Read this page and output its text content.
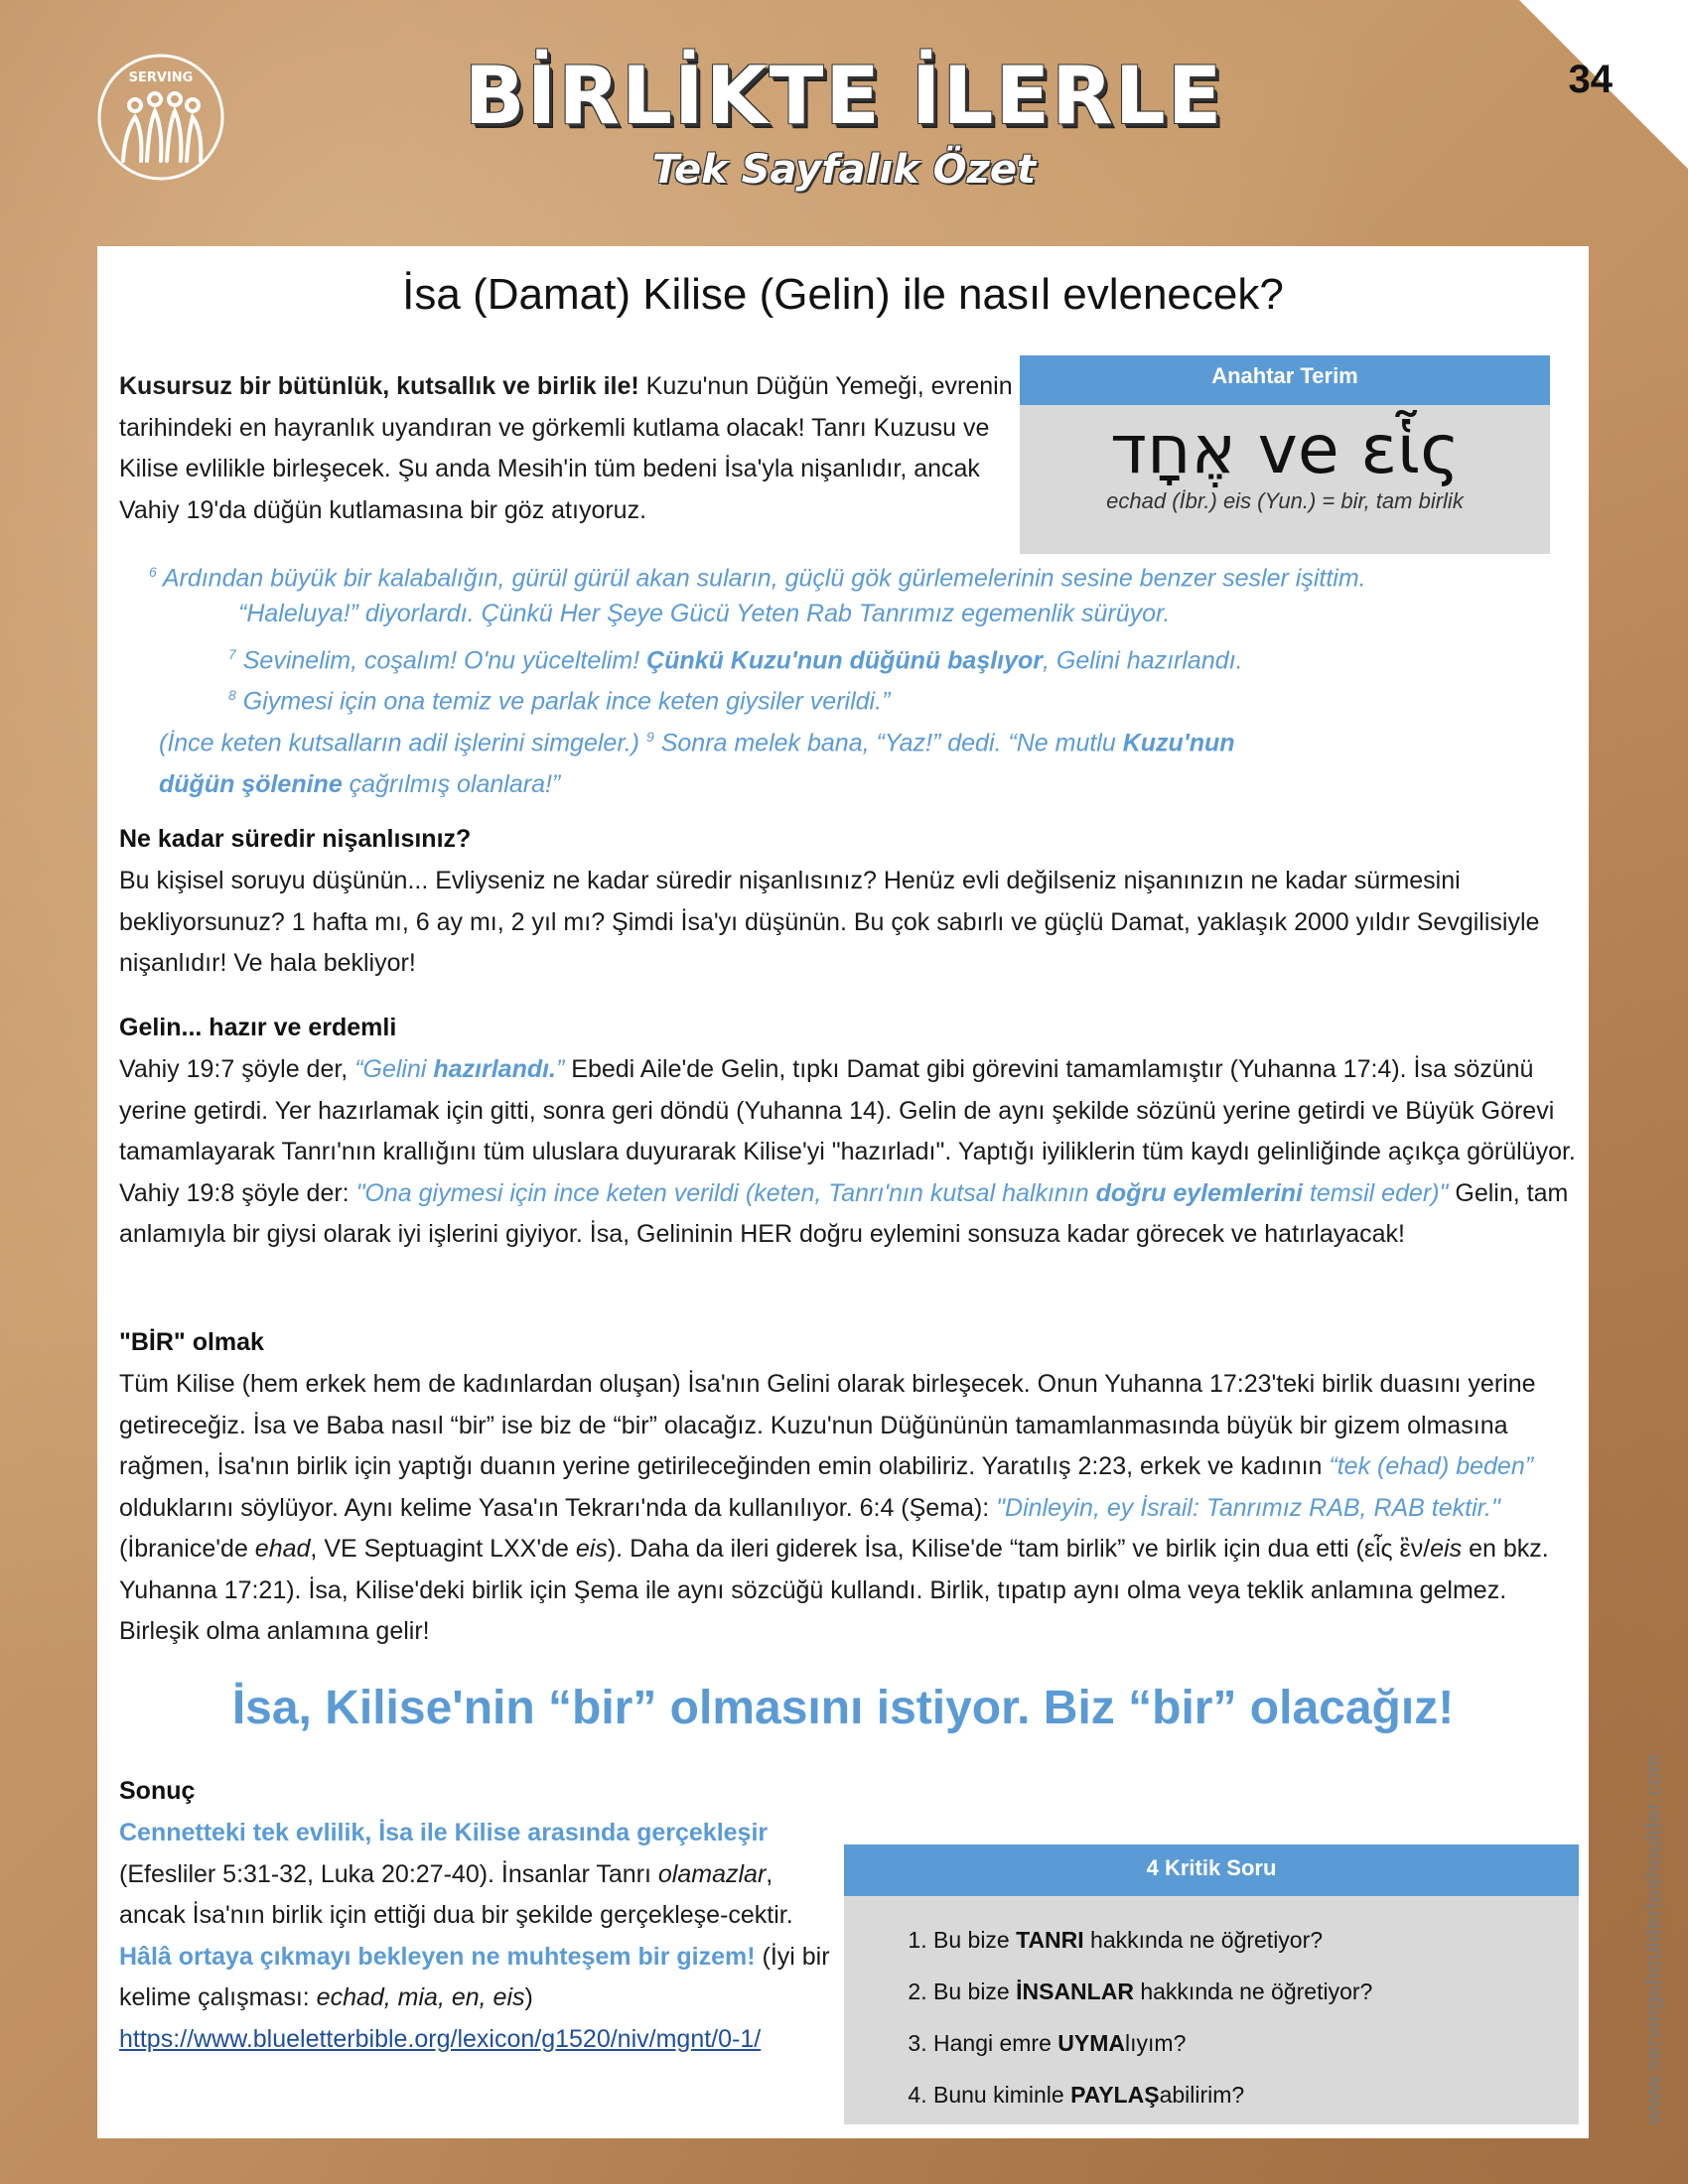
34
SERVING	BİRLİKTE İLERLE
Tek Sayfalık Özet
İsa (Damat) Kilise (Gelin) ile nasıl evlenecek?

Kusursuz bir bütünlük, kutsallık ve birlik ile! Kuzu'nun Düğün Yemeği, evrenin tarihindeki en hayranlık uyandıran ve görkemli kutlama olacak! Tanrı Kuzusu ve Kilise evlilikle birleşecek. Şu anda Mesih'in tüm bedeni İsa'yla nişanlıdır, ancak Vahiy 19'da düğün kutlamasına bir göz atıyoruz.

Anahtar Terim
אֶחָד ve εἷς
echad (İbr.) eis (Yun.) = bir, tam birlik

$^6$ Ardından büyük bir kalabalığın, gürül gürül akan suların, güçlü gök gürlemelerinin sesine benzer sesler işittim.

“Haleluya!” diyorlardı. Çünkü Her Şeye Gücü Yeten Rab Tanrımız egemenlik sürüyor.

$^7$ Sevinelim, coşalım! O'nu yüceltelim! Çünkü Kuzu'nun düğünü başlıyor, Gelini hazırlandı.

$^8$ Giymesi için ona temiz ve parlak ince keten giysiler verildi.”

(İnce keten kutsalların adil işlerini simgeler.) $^9$ Sonra melek bana, “Yaz!” dedi. “Ne mutlu Kuzu'nun
düğün şölenine çağrılmış olanlara!”

Ne kadar süredir nişanlısınız?

Bu kişisel soruyu düşünün... Evliyseniz ne kadar süredir nişanlısınız? Henüz evli değilseniz nişanınızın ne kadar sürmesini bekliyorsunuz? 1 hafta mı, 6 ay mı, 2 yıl mı? Şimdi İsa'yı düşünün. Bu çok sabırlı ve güçlü Damat, yaklaşık 2000 yıldır Sevgilisiyle nişanlıdır! Ve hala bekliyor!

Gelin... hazır ve erdemli

Vahiy 19:7 şöyle der, “Gelini hazırlandı.” Ebedi Aile'de Gelin, tıpkı Damat gibi görevini tamamlamıştır (Yuhanna 17:4). İsa sözünü yerine getirdi. Yer hazırlamak için gitti, sonra geri döndü (Yuhanna 14). Gelin de aynı şekilde sözünü yerine getirdi ve Büyük Görevi tamamlayarak Tanrı'nın krallığını tüm uluslara duyurarak Kilise'yi "hazırladı". Yaptığı iyiliklerin tüm kaydı gelinliğinde açıkça görülüyor. Vahiy 19:8 şöyle der: "Ona giymesi için ince keten verildi (keten, Tanrı'nın kutsal halkının doğru eylemlerini temsil eder)" Gelin, tam anlamıyla bir giysi olarak iyi işlerini giyiyor. İsa, Gelininin HER doğru eylemini sonsuza kadar görecek ve hatırlayacak!

"BİR" olmak

Tüm Kilise (hem erkek hem de kadınlardan oluşan) İsa'nın Gelini olarak birleşecek. Onun Yuhanna 17:23'teki birlik duasını yerine getireceğiz. İsa ve Baba nasıl “bir” ise biz de “bir” olacağız. Kuzu'nun Düğününün tamamlanmasında büyük bir gizem olmasına rağmen, İsa'nın birlik için yaptığı duanın yerine getirileceğinden emin olabiliriz. Yaratılış 2:23, erkek ve kadının “tek (ehad) beden” olduklarını söylüyor. Aynı kelime Yasa'ın Tekrarı'nda da kullanılıyor. 6:4 (Şema): "Dinleyin, ey İsrail: Tanrımız RAB, RAB tektir." (İbranice'de ehad, VE Septuagint LXX'de eis). Daha da ileri giderek İsa, Kilise'de “tam birlik” ve birlik için dua etti (εἷς ἓν/eis en bkz. Yuhanna 17:21). İsa, Kilise'deki birlik için Şema ile aynı sözcüğü kullandı. Birlik, tıpatıp aynı olma veya teklik anlamına gelmez. Birleşik olma anlamına gelir!

Sonuç

Cennetteki tek evlilik, İsa ile Kilise arasında gerçekleşir (Efesliler 5:31-32, Luka 20:27-40). İnsanlar Tanrı olamazlar, ancak İsa'nın birlik için ettiği dua bir şekilde gerçekleşe-cektir. Hâlâ ortaya çıkmayı bekleyen ne muhteşem bir gizem! (İyi bir kelime çalışması: echad, mia, en, eis)
https://www.blueletterbible.org/lexicon/g1520/niv/mgnt/0-1/

4 Kritik Soru
1. Bu bize TANRI hakkında ne öğretiyor?
2. Bu bize İNSANLAR hakkında ne öğretiyor?
3. Hangi emre UYMAlıyım?
4. Bunu kiminle PAYLAŞabilirim?
İsa, Kilise'nin “bir” olmasını istiyor. Biz “bir” olacağız!
www.servingshouldertoshoulder.com
